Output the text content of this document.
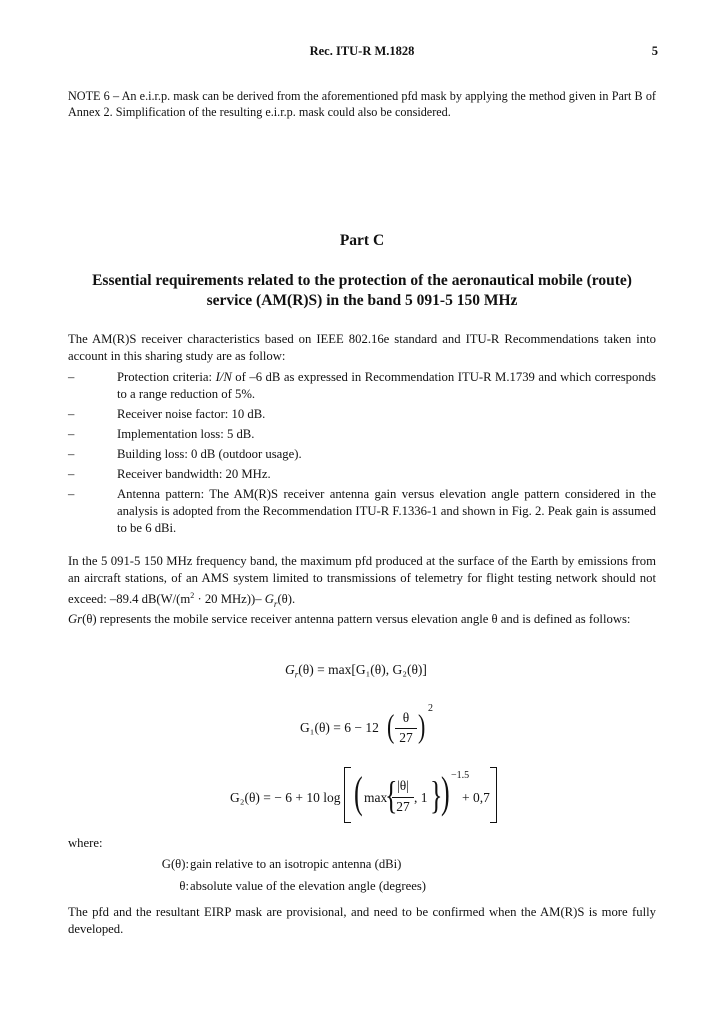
Rec. ITU-R M.1828	5
NOTE 6 – An e.i.r.p. mask can be derived from the aforementioned pfd mask by applying the method given in Part B of Annex 2. Simplification of the resulting e.i.r.p. mask could also be considered.
Part C
Essential requirements related to the protection of the aeronautical mobile (route) service (AM(R)S) in the band 5 091-5 150 MHz
The AM(R)S receiver characteristics based on IEEE 802.16e standard and ITU-R Recommendations taken into account in this sharing study are as follow:
–	Protection criteria: I/N of –6 dB as expressed in Recommendation ITU-R M.1739 and which corresponds to a range reduction of 5%.
–	Receiver noise factor: 10 dB.
–	Implementation loss: 5 dB.
–	Building loss: 0 dB (outdoor usage).
–	Receiver bandwidth: 20 MHz.
–	Antenna pattern: The AM(R)S receiver antenna gain versus elevation angle pattern considered in the analysis is adopted from the Recommendation ITU-R F.1336-1 and shown in Fig. 2. Peak gain is assumed to be 6 dBi.
In the 5 091-5 150 MHz frequency band, the maximum pfd produced at the surface of the Earth by emissions from an aircraft stations, of an AMS system limited to transmissions of telemetry for flight testing network should not exceed: –89.4 $dB(W/(m^2 \cdot 20$ MHz))– $G_r(\theta)$.
Gr(θ) represents the mobile service receiver antenna pattern versus elevation angle θ and is defined as follows:
$G_r(\theta) = \max[G_1(\theta)$, G₂(θ)]
G₁(θ) = 6 − 12 ( θ
27 ) 2
G₂(θ) = − 6 + 10 log ( max
{ |θ|
27
, 1 }
) −1.5
+ 0,7
where:
G(θ): gain relative to an isotropic antenna (dBi)
θ: absolute value of the elevation angle (degrees)
The pfd and the resultant EIRP mask are provisional, and need to be confirmed when the AM(R)S is more fully developed.
